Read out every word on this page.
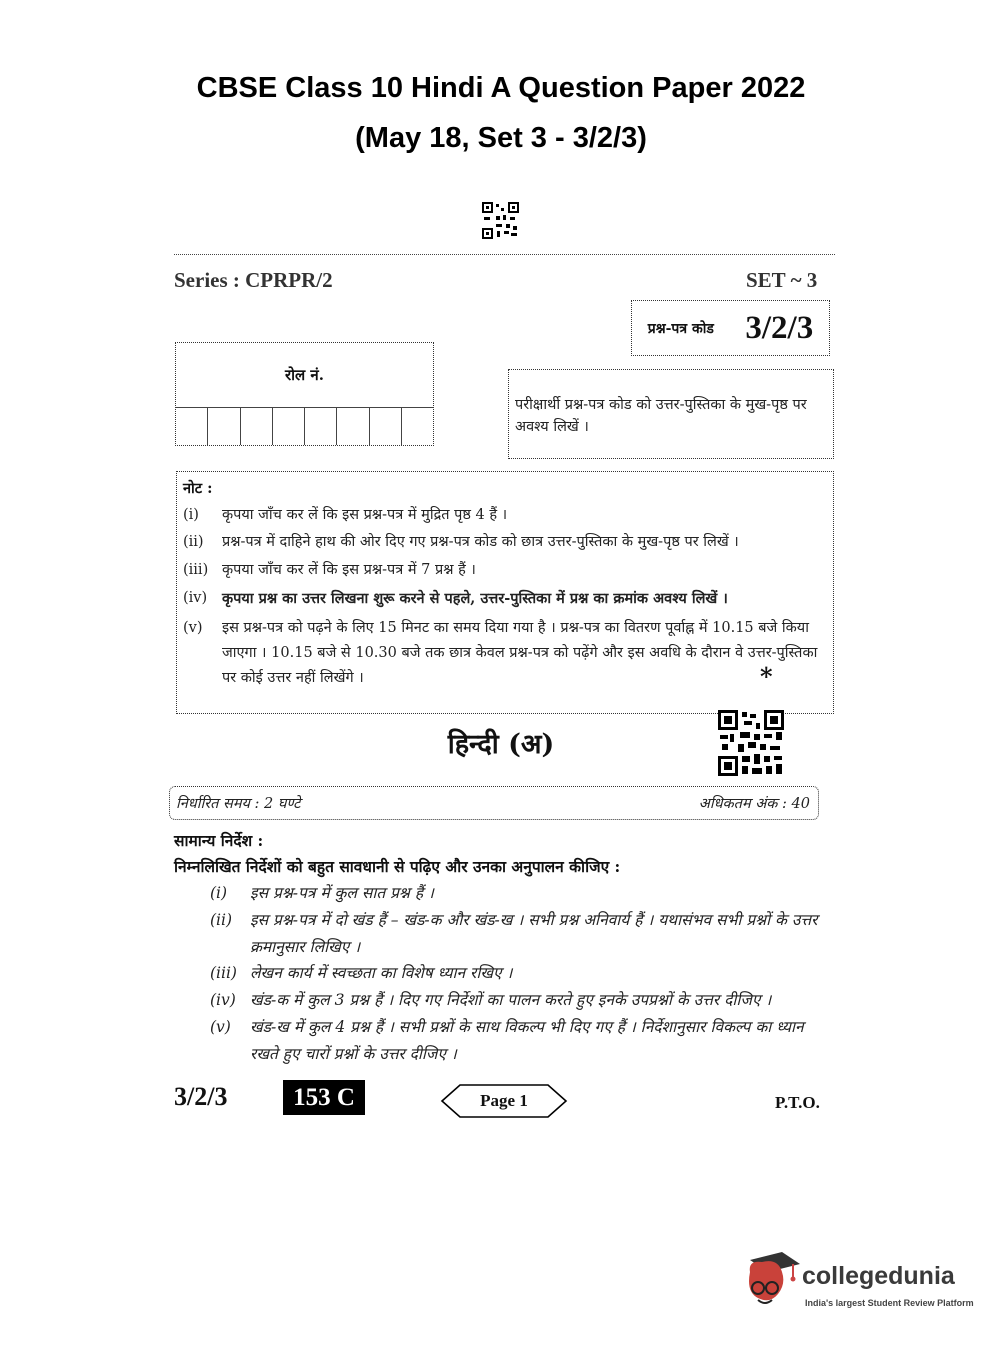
CBSE Class 10 Hindi A Question Paper 2022
(May 18, Set 3 - 3/2/3)
Series : CPRPR/2	SET ~ 3
प्रश्न-पत्र कोड 3/2/3
रोल नं.
परीक्षार्थी प्रश्न-पत्र कोड को उत्तर-पुस्तिका के मुख-पृष्ठ पर अवश्य लिखें ।
नोट :
(i)	कृपया जाँच कर लें कि इस प्रश्न-पत्र में मुद्रित पृष्ठ 4 हैं ।
(ii)	प्रश्न-पत्र में दाहिने हाथ की ओर दिए गए प्रश्न-पत्र कोड को छात्र उत्तर-पुस्तिका के मुख-पृष्ठ पर लिखें ।
(iii) कृपया जाँच कर लें कि इस प्रश्न-पत्र में 7 प्रश्न हैं ।
(iv)	कृपया प्रश्न का उत्तर लिखना शुरू करने से पहले, उत्तर-पुस्तिका में प्रश्न का क्रमांक अवश्य लिखें ।
(v)	इस प्रश्न-पत्र को पढ़ने के लिए 15 मिनट का समय दिया गया है । प्रश्न-पत्र का वितरण पूर्वाह्न में 10.15 बजे किया जाएगा । 10.15 बजे से 10.30 बजे तक छात्र केवल प्रश्न-पत्र को पढ़ेंगे और इस अवधि के दौरान वे उत्तर-पुस्तिका पर कोई उत्तर नहीं लिखेंगे ।	*
हिन्दी (अ)
निर्धारित समय : 2 घण्टे	अधिकतम अंक : 40
सामान्य निर्देश :
निम्नलिखित निर्देशों को बहुत सावधानी से पढ़िए और उनका अनुपालन कीजिए :
(i)	इस प्रश्न-पत्र में कुल सात प्रश्न हैं ।
(ii)	इस प्रश्न-पत्र में दो खंड हैं – खंड-क और खंड-ख । सभी प्रश्न अनिवार्य हैं । यथासंभव सभी प्रश्नों के उत्तर क्रमानुसार लिखिए ।
(iii) लेखन कार्य में स्वच्छता का विशेष ध्यान रखिए ।
(iv) खंड-क में कुल 3 प्रश्न हैं । दिए गए निर्देशों का पालन करते हुए इनके उपप्रश्नों के उत्तर दीजिए ।
(v)	खंड-ख में कुल 4 प्रश्न हैं । सभी प्रश्नों के साथ विकल्प भी दिए गए हैं । निर्देशानुसार विकल्प का ध्यान रखते हुए चारों प्रश्नों के उत्तर दीजिए ।
3/2/3	153 C	Page 1	P.T.O.
collegedunia
India's largest Student Review Platform
